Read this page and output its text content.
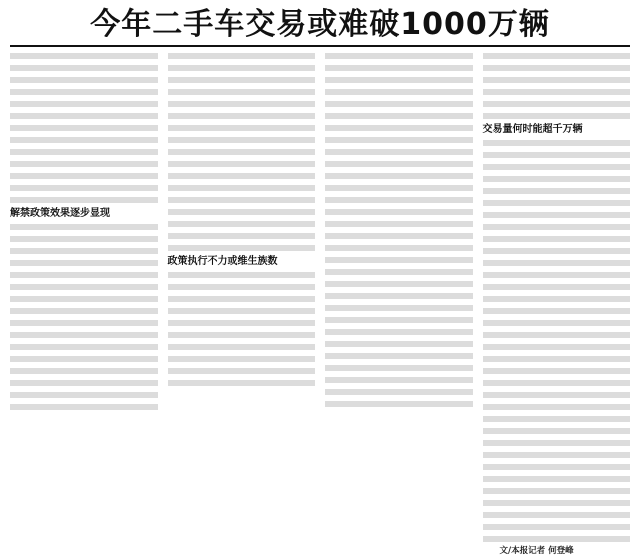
今年二手车交易或难破1000万辆

解禁政策效果逐步显现

政策执行不力或维生族数

交易量何时能超千万辆

文/本报记者 何登峰
